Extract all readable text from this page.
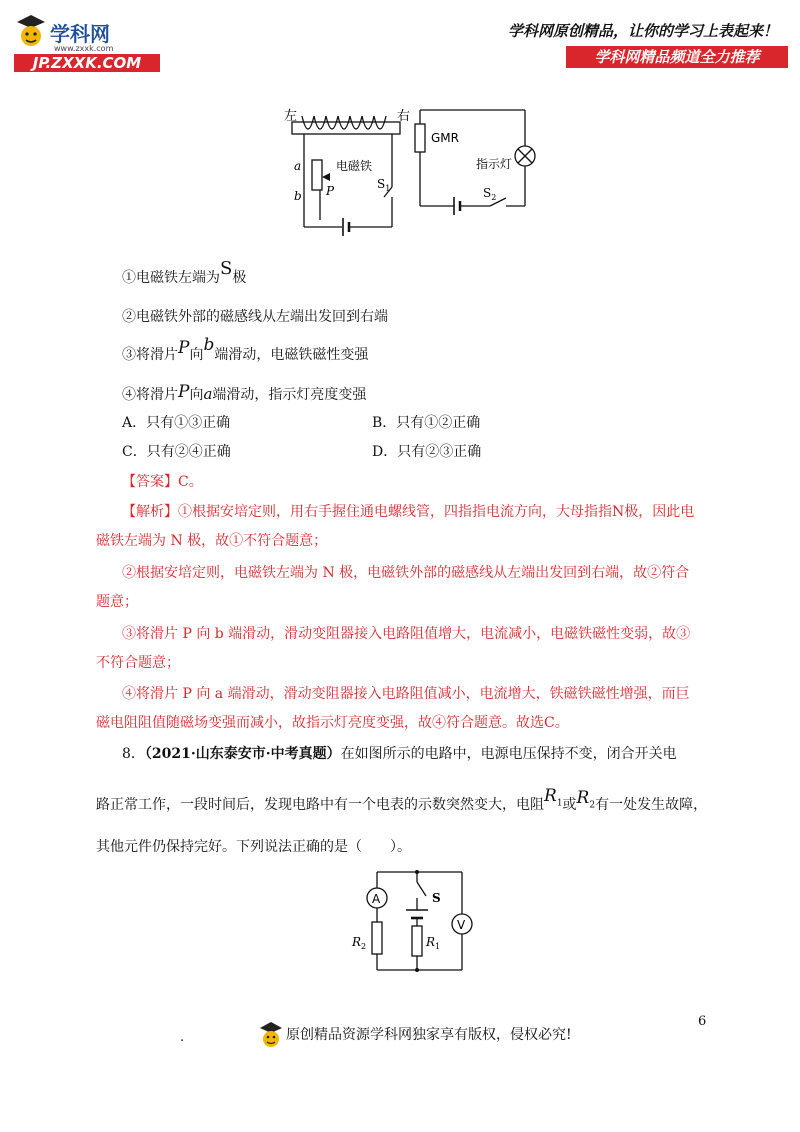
学科网
www.zxxk.com
JP.ZXXK.COM
学科网原创精品，让你的学习上表起来！
学科网精品频道全力推荐
左	右
a
b P
电磁铁
$S_1$
GMR
指示灯
$S_2$
①电磁铁左端为S极
②电磁铁外部的磁感线从左端出发回到右端
③将滑片P向b端滑动，电磁铁磁性变强
④将滑片P向a端滑动，指示灯亮度变强
A．只有①③正确	B．只有①②正确
C．只有②④正确	D．只有②③正确
【答案】C。
【解析】①根据安培定则，用右手握住通电螺线管，四指指电流方向，大母指指N极，因此电
磁铁左端为 N 极，故①不符合题意；
②根据安培定则，电磁铁左端为 N 极，电磁铁外部的磁感线从左端出发回到右端，故②符合
题意；
③将滑片 P 向 b 端滑动，滑动变阻器接入电路阻值增大，电流减小，电磁铁磁性变弱，故③
不符合题意；
④将滑片 P 向 a 端滑动，滑动变阻器接入电路阻值减小，电流增大，铁磁铁磁性增强，而巨
磁电阻阻值随磁场变强而减小，故指示灯亮度变强，故④符合题意。故选C。
8．（2021·山东泰安市·中考真题）在如图所示的电路中，电源电压保持不变，闭合开关电
路正常工作，一段时间后，发现电路中有一个电表的示数突然变大，电阻$R_1$或$R_2$有一处发生故障，
其他元件仍保持完好。下列说法正确的是（　　）。
A
V
S
$R_2$	$R_1$
6
.	原创精品资源学科网独家享有版权，侵权必究!
